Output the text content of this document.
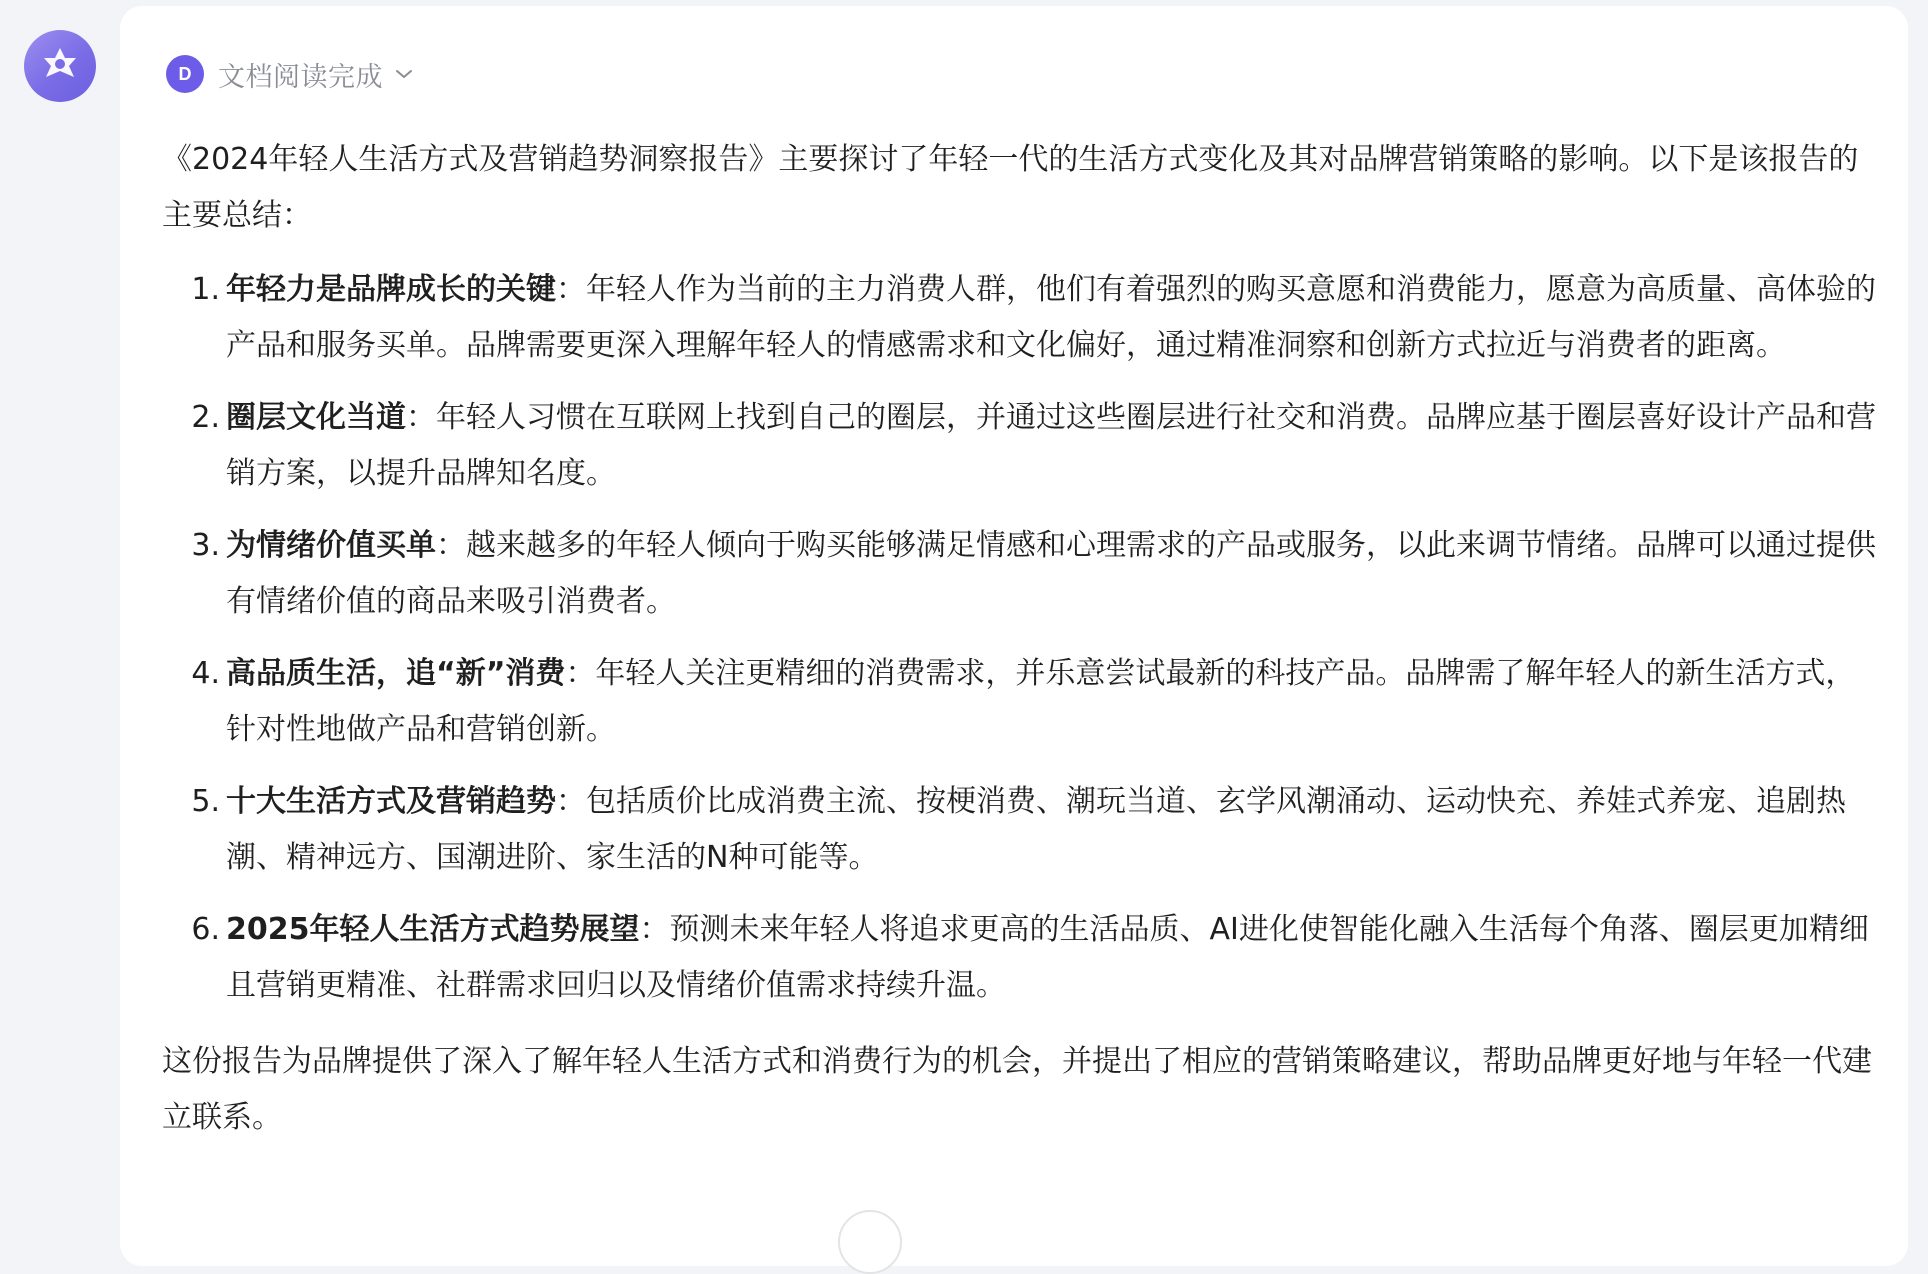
D 文档阅读完成

《2024年轻人生活方式及营销趋势洞察报告》主要探讨了年轻一代的生活方式变化及其对品牌营销策略的影响。以下是该报告的主要总结：

1. 年轻力是品牌成长的关键：年轻人作为当前的主力消费人群，他们有着强烈的购买意愿和消费能力，愿意为高质量、高体验的产品和服务买单。品牌需要更深入理解年轻人的情感需求和文化偏好，通过精准洞察和创新方式拉近与消费者的距离。
2. 圈层文化当道：年轻人习惯在互联网上找到自己的圈层，并通过这些圈层进行社交和消费。品牌应基于圈层喜好设计产品和营销方案，以提升品牌知名度。
3. 为情绪价值买单：越来越多的年轻人倾向于购买能够满足情感和心理需求的产品或服务，以此来调节情绪。品牌可以通过提供有情绪价值的商品来吸引消费者。
4. 高品质生活，追“新”消费：年轻人关注更精细的消费需求，并乐意尝试最新的科技产品。品牌需了解年轻人的新生活方式，针对性地做产品和营销创新。
5. 十大生活方式及营销趋势：包括质价比成消费主流、按梗消费、潮玩当道、玄学风潮涌动、运动快充、养娃式养宠、追剧热潮、精神远方、国潮进阶、家生活的N种可能等。
6. 2025年轻人生活方式趋势展望：预测未来年轻人将追求更高的生活品质、AI进化使智能化融入生活每个角落、圈层更加精细且营销更精准、社群需求回归以及情绪价值需求持续升温。

这份报告为品牌提供了深入了解年轻人生活方式和消费行为的机会，并提出了相应的营销策略建议，帮助品牌更好地与年轻一代建立联系。
